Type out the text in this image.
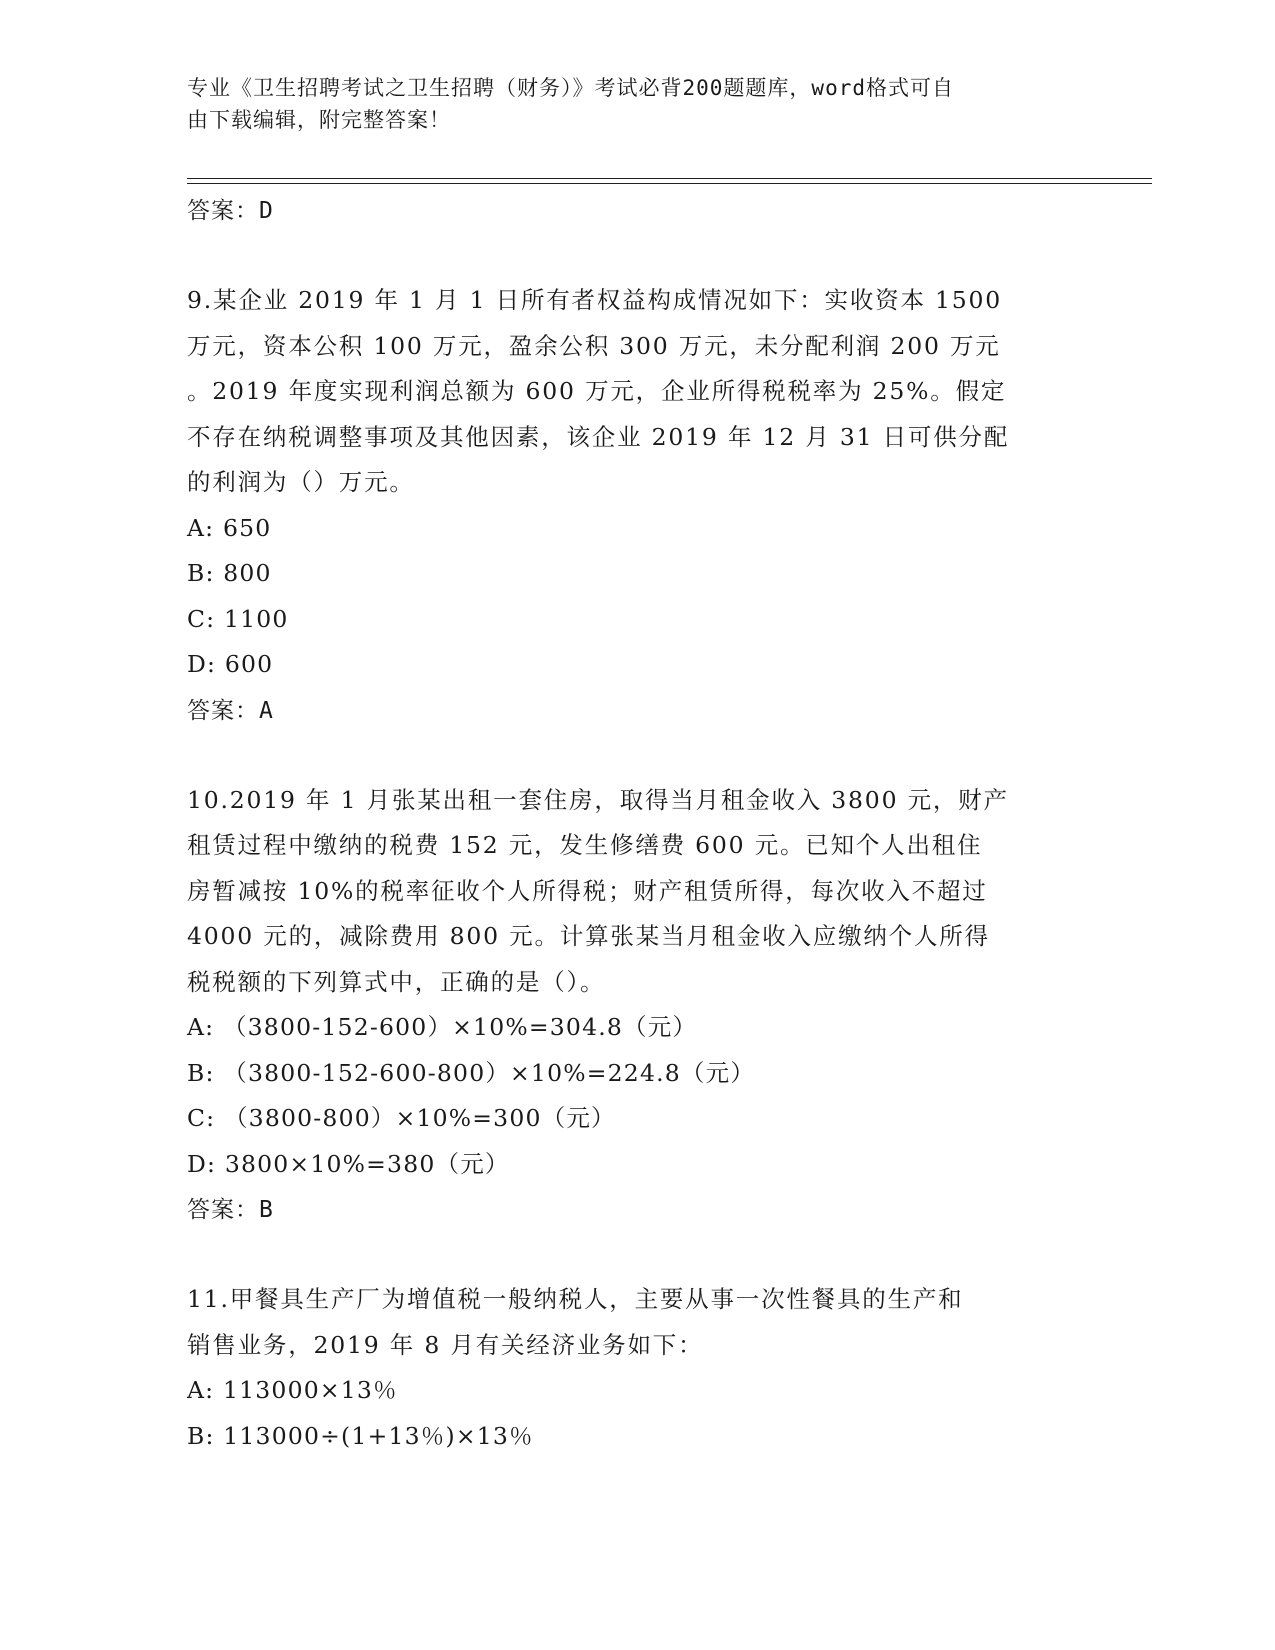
专业《卫生招聘考试之卫生招聘（财务）》考试必背200题题库，word格式可自
由下载编辑，附完整答案！

答案：D

9.某企业 2019 年 1 月 1 日所有者权益构成情况如下：实收资本 1500
万元，资本公积 100 万元，盈余公积 300 万元，未分配利润 200 万元
。2019 年度实现利润总额为 600 万元，企业所得税税率为 25%。假定
不存在纳税调整事项及其他因素，该企业 2019 年 12 月 31 日可供分配
的利润为（）万元。

A: 650

B: 800

C: 1100

D: 600

答案：A

10.2019 年 1 月张某出租一套住房，取得当月租金收入 3800 元，财产
租赁过程中缴纳的税费 152 元，发生修缮费 600 元。已知个人出租住
房暂减按 10%的税率征收个人所得税；财产租赁所得，每次收入不超过
4000 元的，减除费用 800 元。计算张某当月租金收入应缴纳个人所得
税税额的下列算式中，正确的是（）。

A: （3800-152-600）×10%=304.8（元）

B: （3800-152-600-800）×10%=224.8（元）

C: （3800-800）×10%=300（元）

D: 3800×10%=380（元）

答案：B

11.甲餐具生产厂为增值税一般纳税人，主要从事一次性餐具的生产和
销售业务，2019 年 8 月有关经济业务如下：

A: 113000×13％

B: 113000÷(1+13％)×13％
